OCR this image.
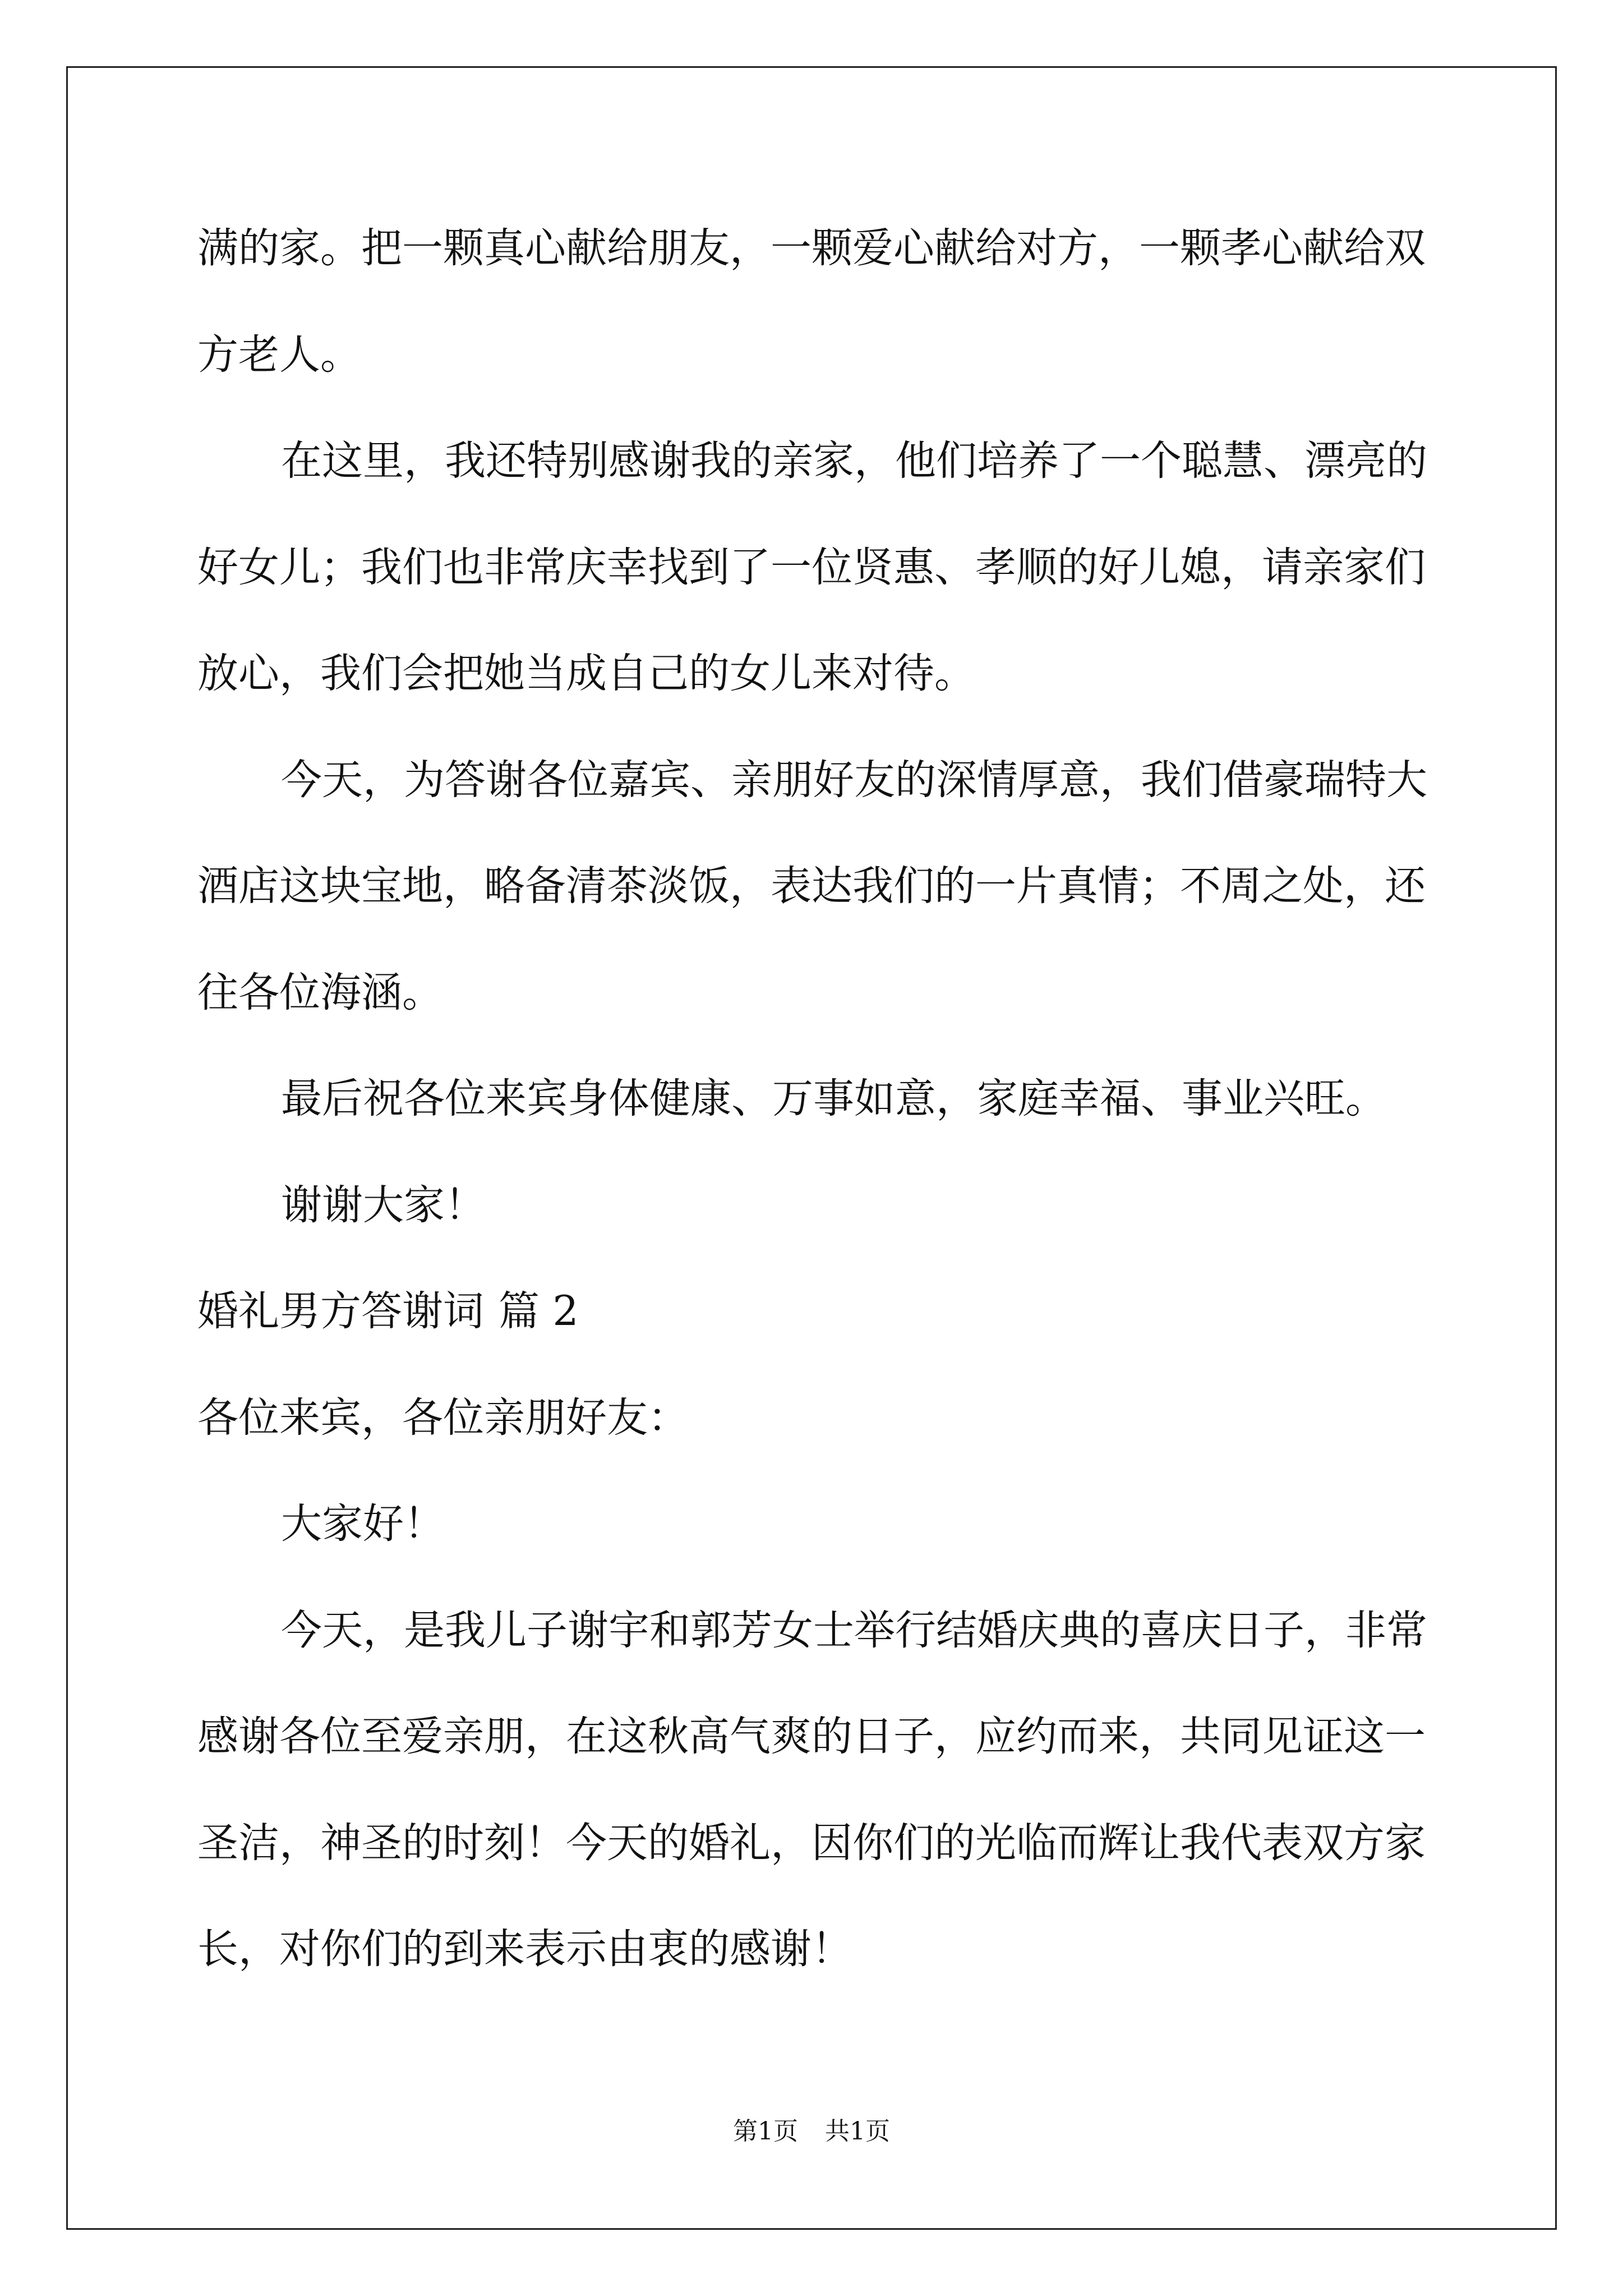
满的家。把一颗真心献给朋友，一颗爱心献给对方，一颗孝心献给双
方老人。
在这里，我还特别感谢我的亲家，他们培养了一个聪慧、漂亮的
好女儿；我们也非常庆幸找到了一位贤惠、孝顺的好儿媳，请亲家们
放心，我们会把她当成自己的女儿来对待。
今天，为答谢各位嘉宾、亲朋好友的深情厚意，我们借豪瑞特大
酒店这块宝地，略备清茶淡饭，表达我们的一片真情；不周之处，还
往各位海涵。
最后祝各位来宾身体健康、万事如意，家庭幸福、事业兴旺。
谢谢大家！
婚礼男方答谢词 篇 2
各位来宾，各位亲朋好友：
大家好！
今天，是我儿子谢宇和郭芳女士举行结婚庆典的喜庆日子，非常
感谢各位至爱亲朋，在这秋高气爽的日子，应约而来，共同见证这一
圣洁，神圣的时刻！今天的婚礼，因你们的光临而辉让我代表双方家
长，对你们的到来表示由衷的感谢！
第1页 共1页
